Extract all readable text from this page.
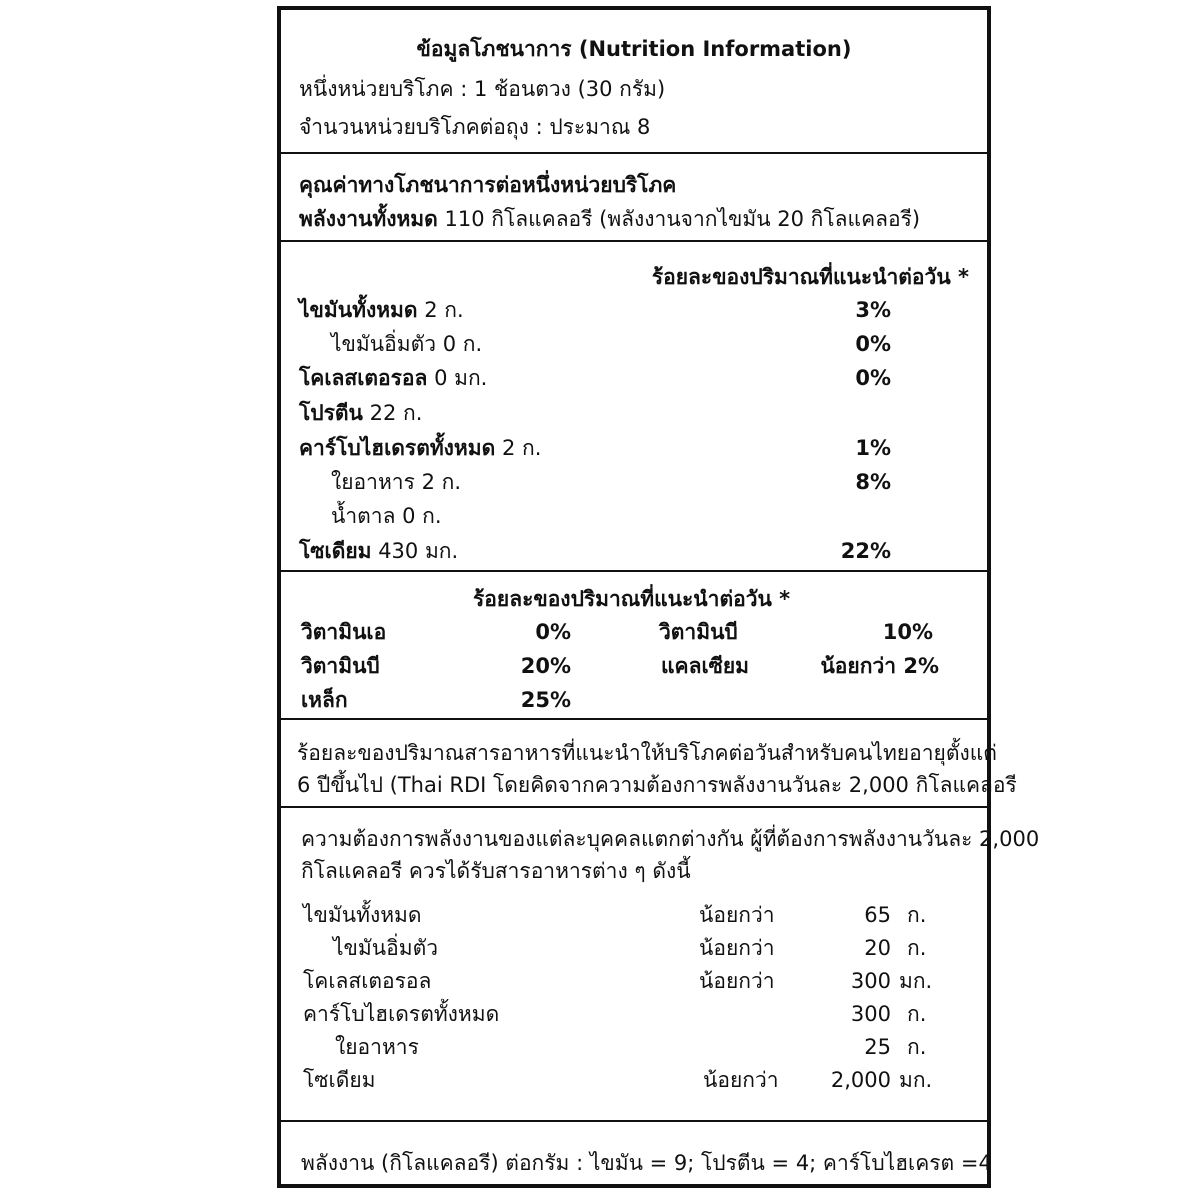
ข้อมูลโภชนาการ (Nutrition Information)
หนึ่งหน่วยบริโภค : 1 ช้อนตวง (30 กรัม)
จำนวนหน่วยบริโภคต่อถุง : ประมาณ 8
คุณค่าทางโภชนาการต่อหนึ่งหน่วยบริโภค
พลังงานทั้งหมด 110 กิโลแคลอรี (พลังงานจากไขมัน 20 กิโลแคลอรี)
ร้อยละของปริมาณที่แนะนำต่อวัน *
ไขมันทั้งหมด 2 ก.	3%
ไขมันอิ่มตัว 0 ก.	0%
โคเลสเตอรอล 0 มก.	0%
โปรตีน 22 ก.
คาร์โบไฮเดรตทั้งหมด 2 ก.	1%
ใยอาหาร 2 ก.	8%
น้ำตาล 0 ก.
โซเดียม 430 มก.	22%
ร้อยละของปริมาณที่แนะนำต่อวัน *
วิตามินเอ	0%	วิตามินบี	10%
วิตามินบี	20%	แคลเซียม	น้อยกว่า 2%
เหล็ก	25%
ร้อยละของปริมาณสารอาหารที่แนะนำให้บริโภคต่อวันสำหรับคนไทยอายุตั้งแต่
6 ปีขึ้นไป (Thai RDI โดยคิดจากความต้องการพลังงานวันละ 2,000 กิโลแคลอรี
ความต้องการพลังงานของแต่ละบุคคลแตกต่างกัน ผู้ที่ต้องการพลังงานวันละ 2,000
กิโลแคลอรี ควรได้รับสารอาหารต่าง ๆ ดังนี้
ไขมันทั้งหมด	น้อยกว่า	65 ก.
ไขมันอิ่มตัว	น้อยกว่า	20 ก.
โคเลสเตอรอล	น้อยกว่า	300 มก.
คาร์โบไฮเดรตทั้งหมด	300 ก.
ใยอาหาร	25 ก.
โซเดียม	น้อยกว่า	2,000 มก.
พลังงาน (กิโลแคลอรี) ต่อกรัม : ไขมัน = 9; โปรตีน = 4; คาร์โบไฮเครต =4
